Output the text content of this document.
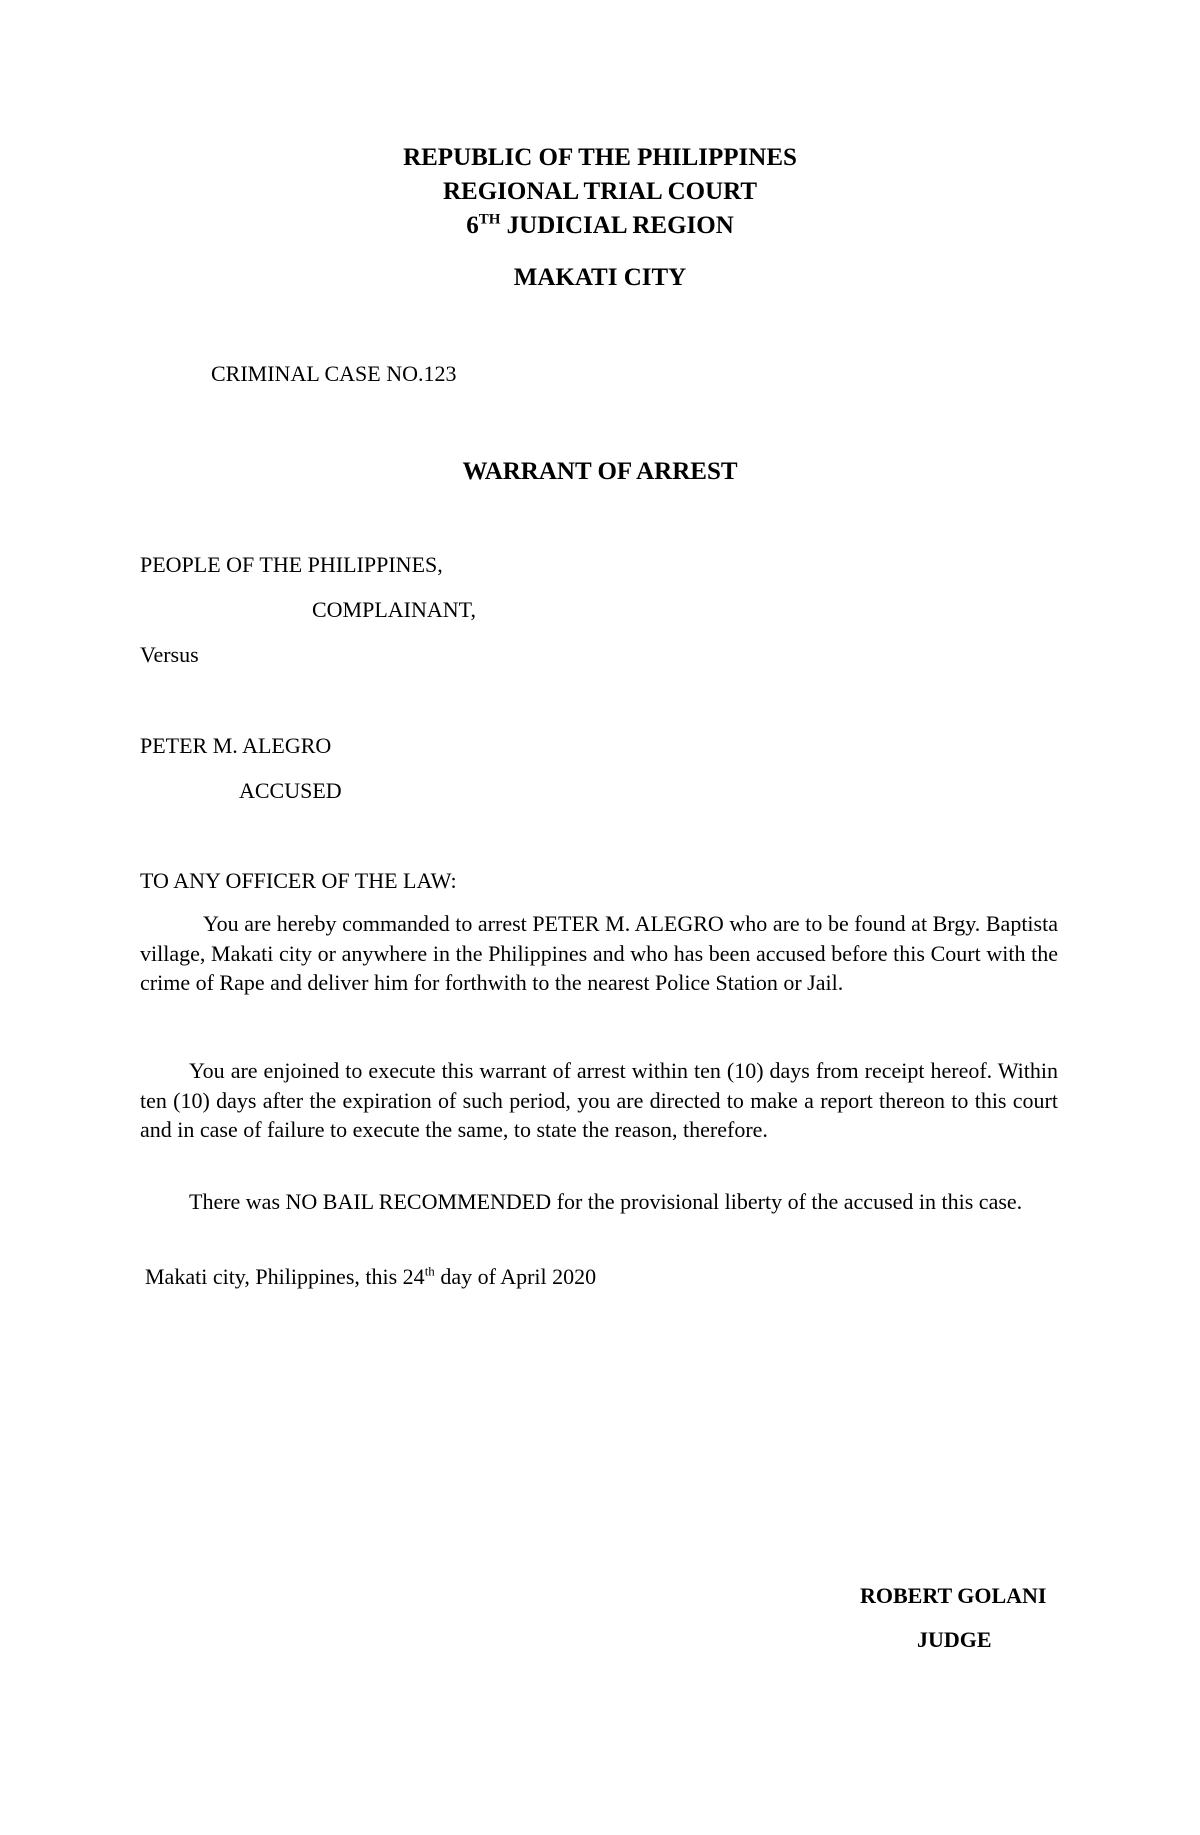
REPUBLIC OF THE PHILIPPINES
REGIONAL TRIAL COURT
6TH JUDICIAL REGION
MAKATI CITY
CRIMINAL CASE NO.123
WARRANT OF ARREST
PEOPLE OF THE PHILIPPINES,
COMPLAINANT,
Versus
PETER M. ALEGRO
ACCUSED
TO ANY OFFICER OF THE LAW:
You are hereby commanded to arrest PETER M. ALEGRO who are to be found at Brgy. Baptista village, Makati city or anywhere in the Philippines and who has been accused before this Court with the crime of Rape and deliver him for forthwith to the nearest Police Station or Jail.
You are enjoined to execute this warrant of arrest within ten (10) days from receipt hereof. Within ten (10) days after the expiration of such period, you are directed to make a report thereon to this court and in case of failure to execute the same, to state the reason, therefore.
There was NO BAIL RECOMMENDED for the provisional liberty of the accused in this case.
Makati city, Philippines, this 24th day of April 2020
ROBERT GOLANI
JUDGE
